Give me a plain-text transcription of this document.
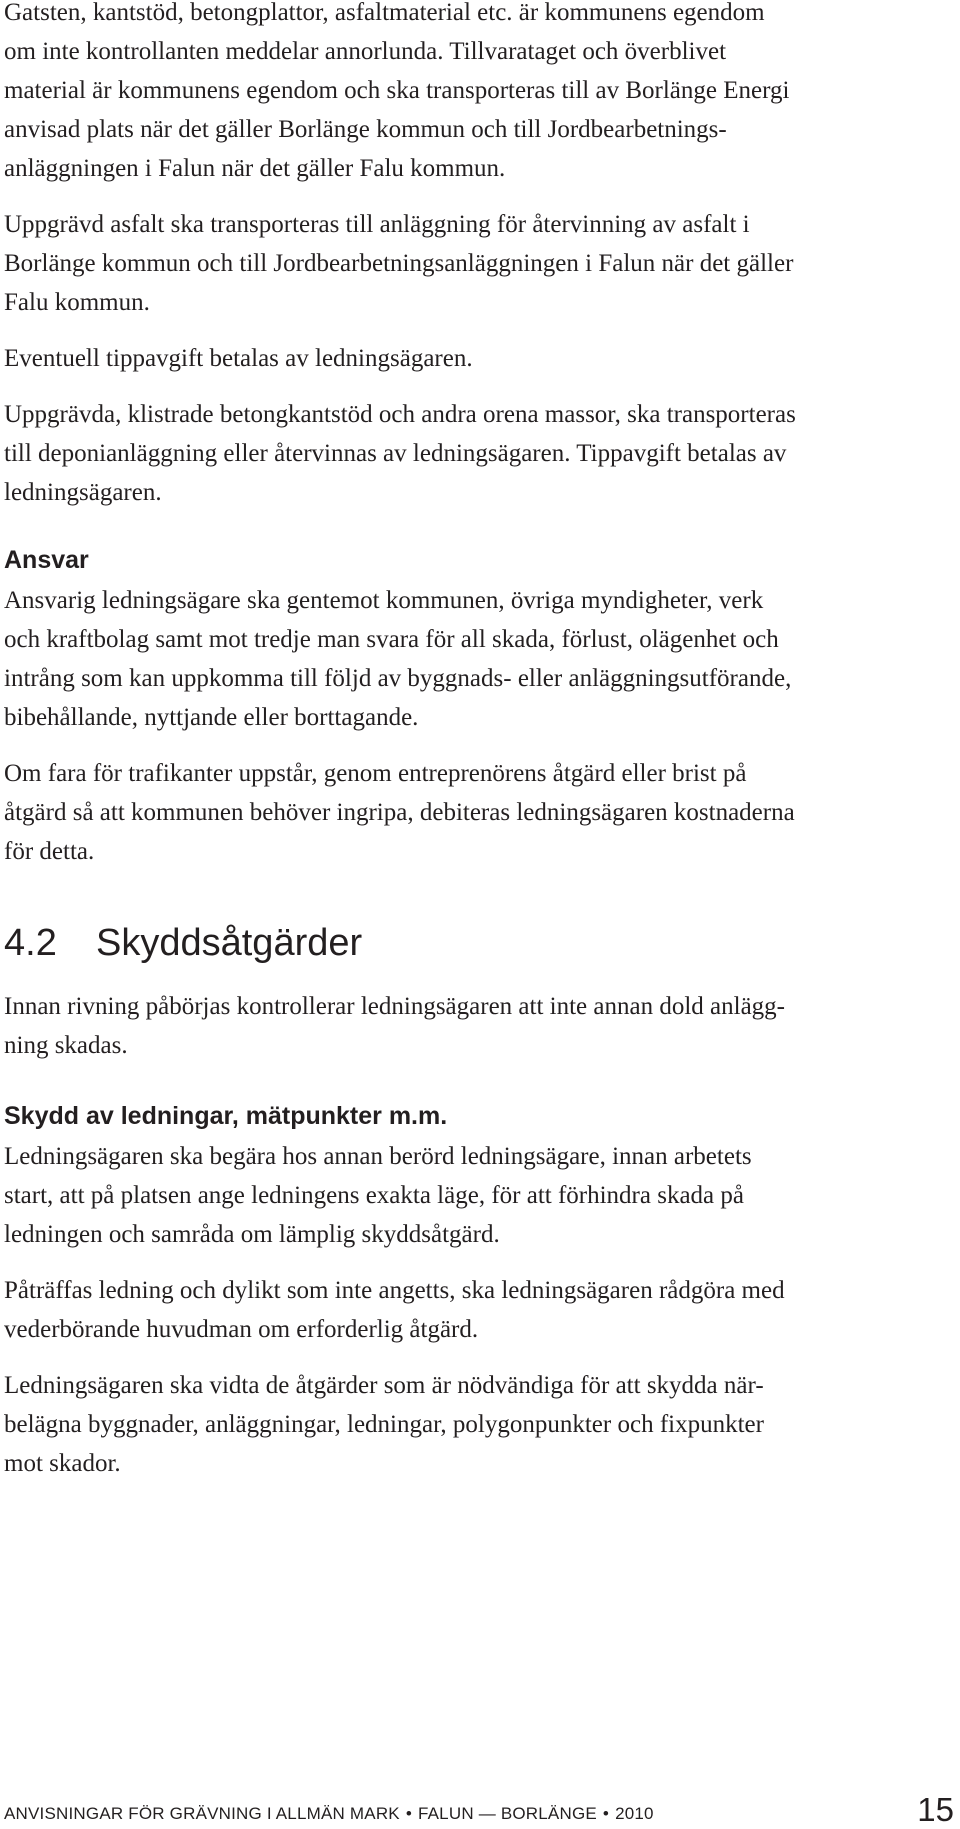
Gatsten, kantstöd, betongplattor, asfaltmaterial etc. är kommunens egendom
om inte kontrollanten meddelar annorlunda. Tillvarataget och överblivet
material är kommunens egendom och ska transporteras till av Borlänge Energi
anvisad plats när det gäller Borlänge kommun och till Jordbearbetnings-
anläggningen i Falun när det gäller Falu kommun.

Uppgrävd asfalt ska transporteras till anläggning för återvinning av asfalt i
Borlänge kommun och till Jordbearbetningsanläggningen i Falun när det gäller
Falu kommun.

Eventuell tippavgift betalas av ledningsägaren.

Uppgrävda, klistrade betongkantstöd och andra orena massor, ska transporteras
till deponianläggning eller återvinnas av ledningsägaren. Tippavgift betalas av
ledningsägaren.

Ansvar

Ansvarig ledningsägare ska gentemot kommunen, övriga myndigheter, verk
och kraftbolag samt mot tredje man svara för all skada, förlust, olägenhet och
intrång som kan uppkomma till följd av byggnads- eller anläggningsutförande,
bibehållande, nyttjande eller borttagande.

Om fara för trafikanter uppstår, genom entreprenörens åtgärd eller brist på
åtgärd så att kommunen behöver ingripa, debiteras ledningsägaren kostnaderna
för detta.

4.2 Skyddsåtgärder

Innan rivning påbörjas kontrollerar ledningsägaren att inte annan dold anlägg-
ning skadas.

Skydd av ledningar, mätpunkter m.m.

Ledningsägaren ska begära hos annan berörd ledningsägare, innan arbetets
start, att på platsen ange ledningens exakta läge, för att förhindra skada på
ledningen och samråda om lämplig skyddsåtgärd.

Påträffas ledning och dylikt som inte angetts, ska ledningsägaren rådgöra med
vederbörande huvudman om erforderlig åtgärd.

Ledningsägaren ska vidta de åtgärder som är nödvändiga för att skydda när-
belägna byggnader, anläggningar, ledningar, polygonpunkter och fixpunkter
mot skador.

ANVISNINGAR FÖR GRÄVNING I ALLMÄN MARK • FALUN — BORLÄNGE • 2010	15
